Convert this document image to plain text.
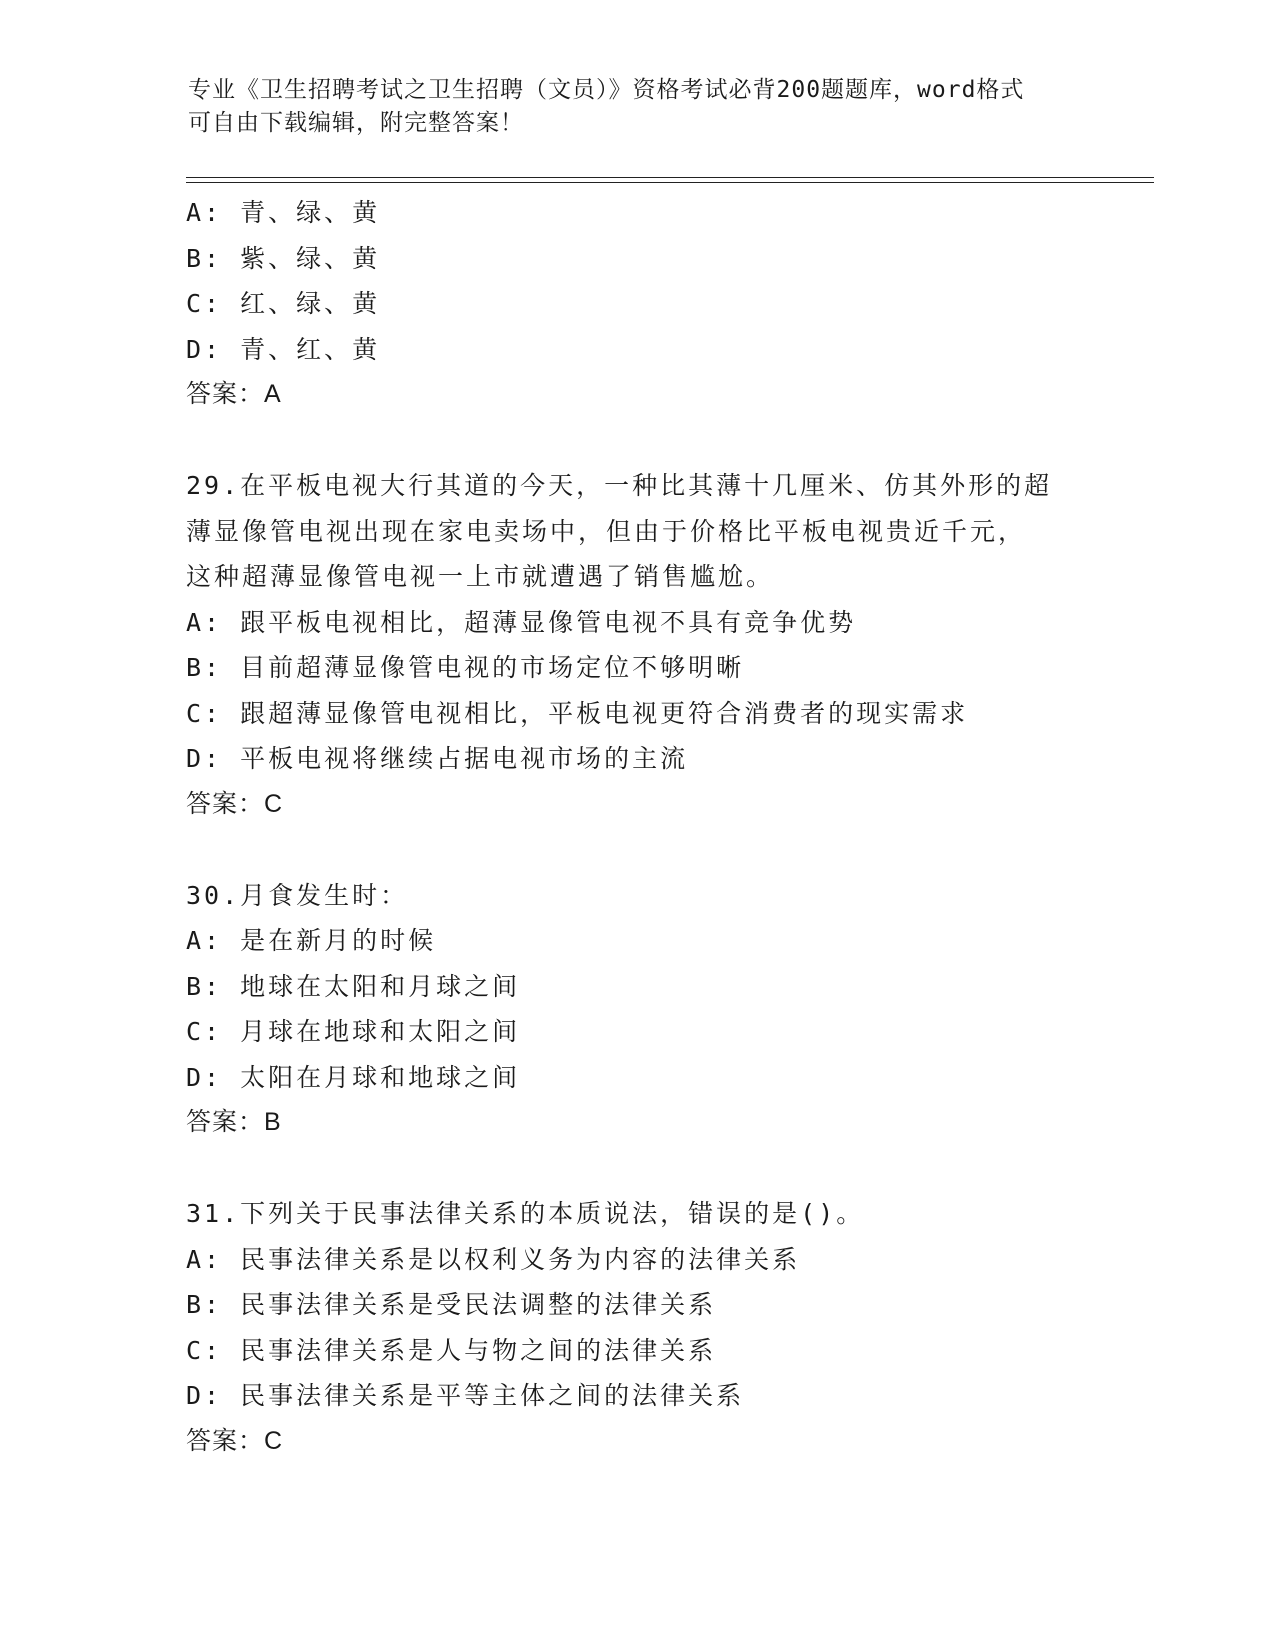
专业《卫生招聘考试之卫生招聘（文员）》资格考试必背200题题库，word格式
可自由下载编辑，附完整答案！
A: 青、绿、黄
B: 紫、绿、黄
C: 红、绿、黄
D: 青、红、黄
答案：A
29.在平板电视大行其道的今天，一种比其薄十几厘米、仿其外形的超
薄显像管电视出现在家电卖场中，但由于价格比平板电视贵近千元，
这种超薄显像管电视一上市就遭遇了销售尴尬。
A: 跟平板电视相比，超薄显像管电视不具有竞争优势
B: 目前超薄显像管电视的市场定位不够明晰
C: 跟超薄显像管电视相比，平板电视更符合消费者的现实需求
D: 平板电视将继续占据电视市场的主流
答案：C
30.月食发生时：
A: 是在新月的时候
B: 地球在太阳和月球之间
C: 月球在地球和太阳之间
D: 太阳在月球和地球之间
答案：B
31.下列关于民事法律关系的本质说法，错误的是()。
A: 民事法律关系是以权利义务为内容的法律关系
B: 民事法律关系是受民法调整的法律关系
C: 民事法律关系是人与物之间的法律关系
D: 民事法律关系是平等主体之间的法律关系
答案：C
